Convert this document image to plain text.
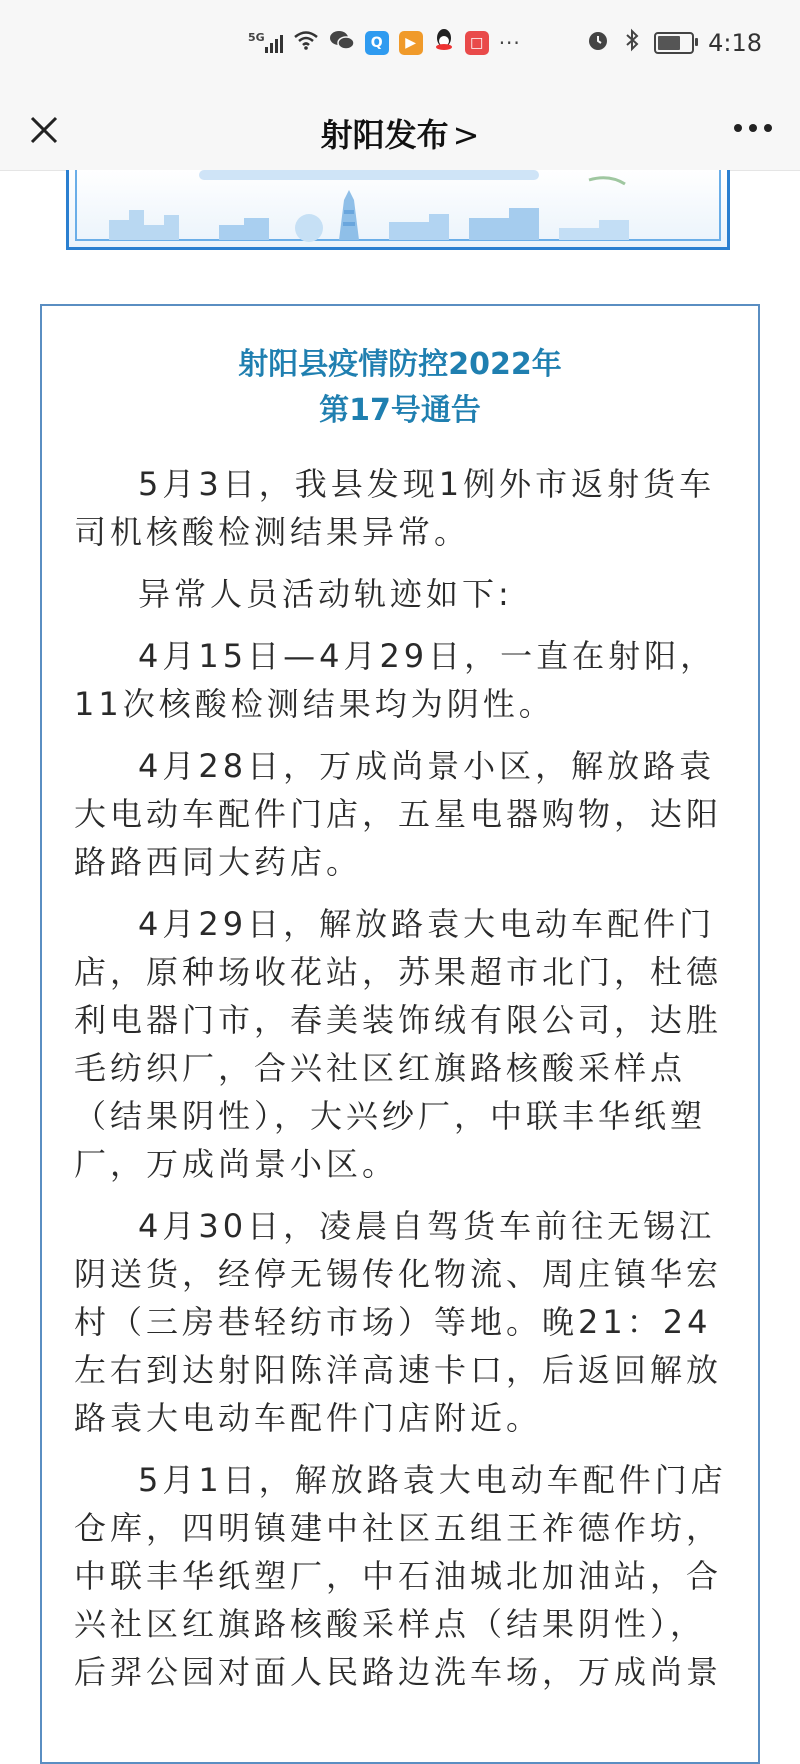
5G	Q	▶	□ ···	4:18
射阳发布 >
射阳县疫情防控2022年
第17号通告

5月3日，我县发现1例外市返射货车司机核酸检测结果异常。

异常人员活动轨迹如下:

4月15日—4月29日，一直在射阳，11次核酸检测结果均为阴性。

4月28日，万成尚景小区，解放路袁大电动车配件门店，五星电器购物，达阳路路西同大药店。

4月29日，解放路袁大电动车配件门店，原种场收花站，苏果超市北门，杜德利电器门市，春美装饰绒有限公司，达胜毛纺织厂，合兴社区红旗路核酸采样点（结果阴性），大兴纱厂，中联丰华纸塑厂，万成尚景小区。

4月30日，凌晨自驾货车前往无锡江阴送货，经停无锡传化物流、周庄镇华宏村（三房巷轻纺市场）等地。晚21：24左右到达射阳陈洋高速卡口，后返回解放路袁大电动车配件门店附近。

5月1日，解放路袁大电动车配件门店仓库，四明镇建中社区五组王祚德作坊，中联丰华纸塑厂，中石油城北加油站，合兴社区红旗路核酸采样点（结果阴性），后羿公园对面人民路边洗车场，万成尚景
